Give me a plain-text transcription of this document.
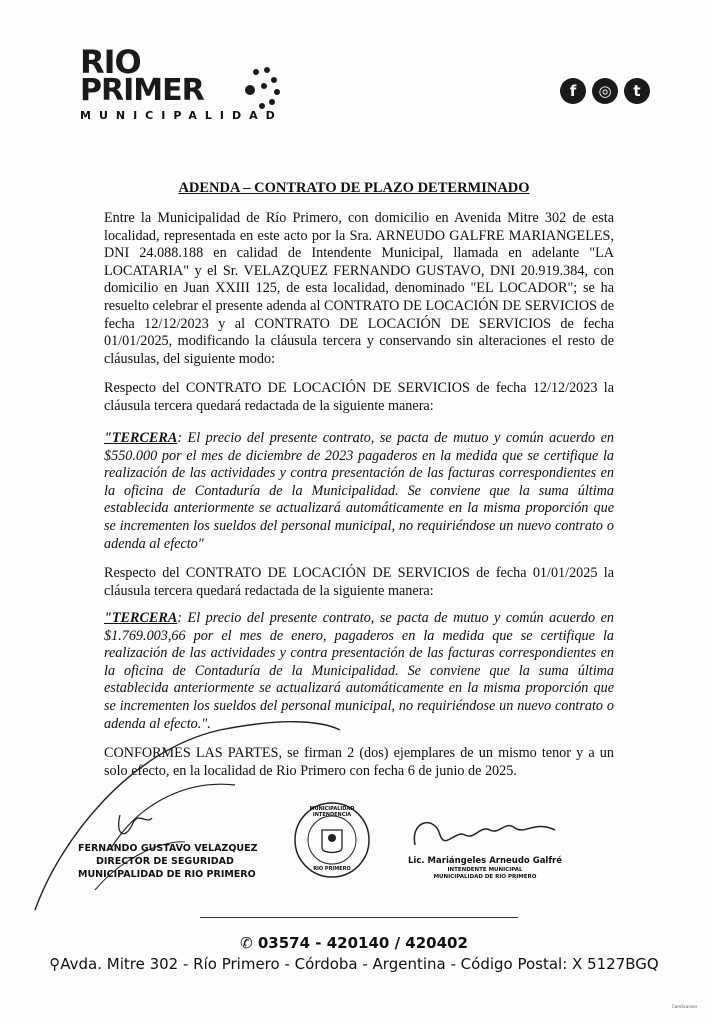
RIO
PRIMER
MUNICIPALIDAD
f	◎	t
ADENDA – CONTRATO DE PLAZO DETERMINADO
Entre la Municipalidad de Río Primero, con domicilio en Avenida Mitre 302 de esta localidad, representada en este acto por la Sra. ARNEUDO GALFRE MARIANGELES, DNI 24.088.188 en calidad de Intendente Municipal, llamada en adelante "LA LOCATARIA" y el Sr. VELAZQUEZ FERNANDO GUSTAVO, DNI 20.919.384, con domicilio en Juan XXIII 125, de esta localidad, denominado "EL LOCADOR"; se ha resuelto celebrar el presente adenda al CONTRATO DE LOCACIÓN DE SERVICIOS de fecha 12/12/2023 y al CONTRATO DE LOCACIÓN DE SERVICIOS de fecha 01/01/2025, modificando la cláusula tercera y conservando sin alteraciones el resto de cláusulas, del siguiente modo:
Respecto del CONTRATO DE LOCACIÓN DE SERVICIOS de fecha 12/12/2023 la cláusula tercera quedará redactada de la siguiente manera:
"TERCERA: El precio del presente contrato, se pacta de mutuo y común acuerdo en $550.000 por el mes de diciembre de 2023 pagaderos en la medida que se certifique la realización de las actividades y contra presentación de las facturas correspondientes en la oficina de Contaduría de la Municipalidad. Se conviene que la suma última establecida anteriormente se actualizará automáticamente en la misma proporción que se incrementen los sueldos del personal municipal, no requiriéndose un nuevo contrato o adenda al efecto"
Respecto del CONTRATO DE LOCACIÓN DE SERVICIOS de fecha 01/01/2025 la cláusula tercera quedará redactada de la siguiente manera:
"TERCERA: El precio del presente contrato, se pacta de mutuo y común acuerdo en $1.769.003,66 por el mes de enero, pagaderos en la medida que se certifique la realización de las actividades y contra presentación de las facturas correspondientes en la oficina de Contaduría de la Municipalidad. Se conviene que la suma última establecida anteriormente se actualizará automáticamente en la misma proporción que se incrementen los sueldos del personal municipal, no requiriéndose un nuevo contrato o adenda al efecto.".
CONFORMES LAS PARTES, se firman 2 (dos) ejemplares de un mismo tenor y a un solo efecto, en la localidad de Rio Primero con fecha 6 de junio de 2025.
FERNANDO GUSTAVO VELAZQUEZ
DIRECTOR DE SEGURIDAD
MUNICIPALIDAD DE RIO PRIMERO
MUNICIPALIDAD INTENDENCIA
RIO PRIMERO
Lic. Mariángeles Arneudo Galfré
INTENDENTE MUNICIPAL
MUNICIPALIDAD DE RIO PRIMERO
✆ 03574 - 420140 / 420402
⚲Avda. Mitre 302 - Río Primero - Córdoba - Argentina - Código Postal: X 5127BGQ
CamScanner
